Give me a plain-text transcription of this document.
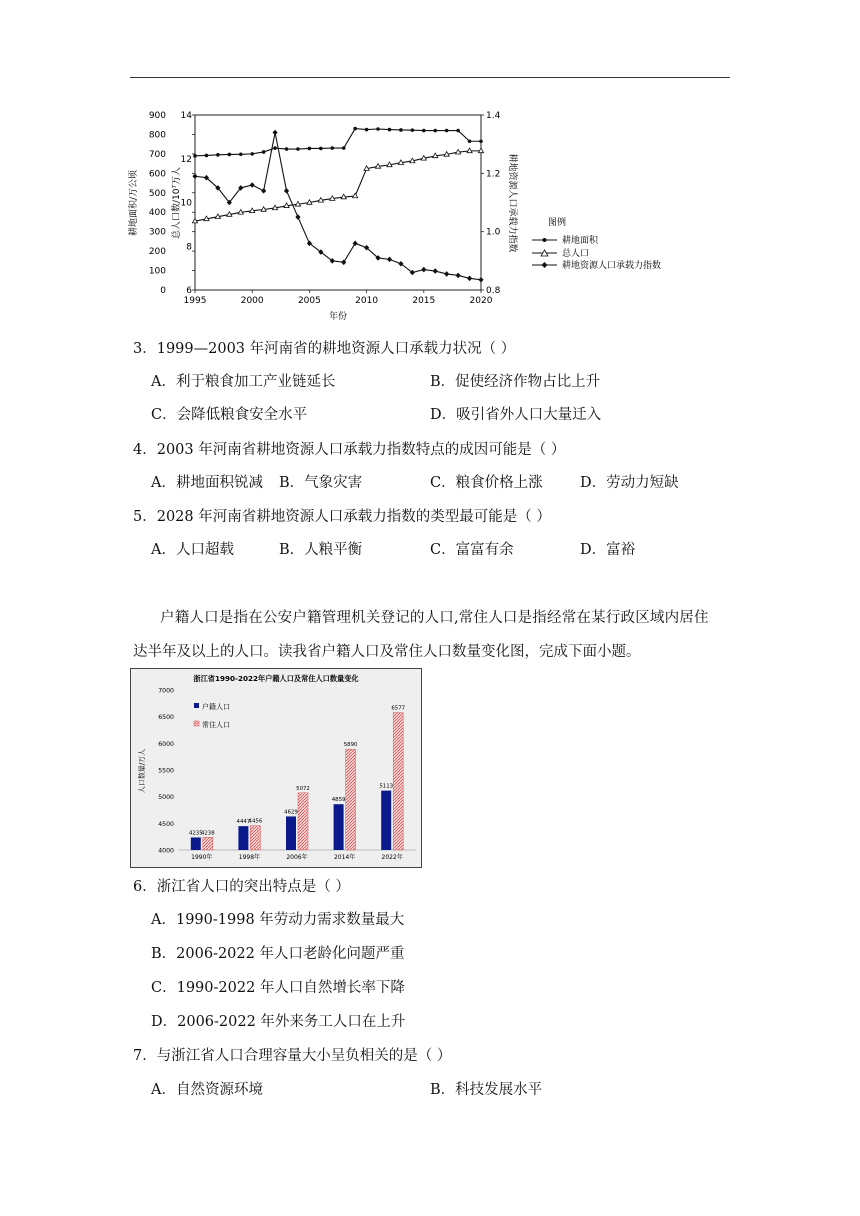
0
100
200
300
400
500
600
700
800
900
6
8
10
12
14
0.8
1.0
1.2
1.4
1995	2000	2005	2010	2015	2020
耕地面积/万公顷	总人口数/10⁷万人	耕地资源人口承载力指数
年份
图例
耕地面积
总人口
耕地资源人口承载力指数
3．1999—2003 年河南省的耕地资源人口承载力状况（ ）
A．利于粮食加工产业链延长	B．促使经济作物占比上升
C．会降低粮食安全水平	D．吸引省外人口大量迁入
4．2003 年河南省耕地资源人口承载力指数特点的成因可能是（ ）
A．耕地面积锐减 B．气象灾害	C．粮食价格上涨	D．劳动力短缺
5．2028 年河南省耕地资源人口承载力指数的类型最可能是（ ）
A．人口超载	B．人粮平衡	C．富富有余	D．富裕
户籍人口是指在公安户籍管理机关登记的人口,常住人口是指经常在某行政区域内居住
达半年及以上的人口。读我省户籍人口及常住人口数量变化图，完成下面小题。
浙江省1990-2022年户籍人口及常住人口数量变化
人口数量/万人
户籍人口
常住人口
4000
4500
5000
5500
6000
6500
7000
1990年	1998年	2006年	2014年	2022年
4235
4238
4447
4456
4629
5072
4859
5890
5113
6577
6．浙江省人口的突出特点是（ ）
A．1990-1998 年劳动力需求数量最大
B．2006-2022 年人口老龄化问题严重
C．1990-2022 年人口自然增长率下降
D．2006-2022 年外来务工人口在上升
7．与浙江省人口合理容量大小呈负相关的是（ ）
A．自然资源环境	B．科技发展水平
